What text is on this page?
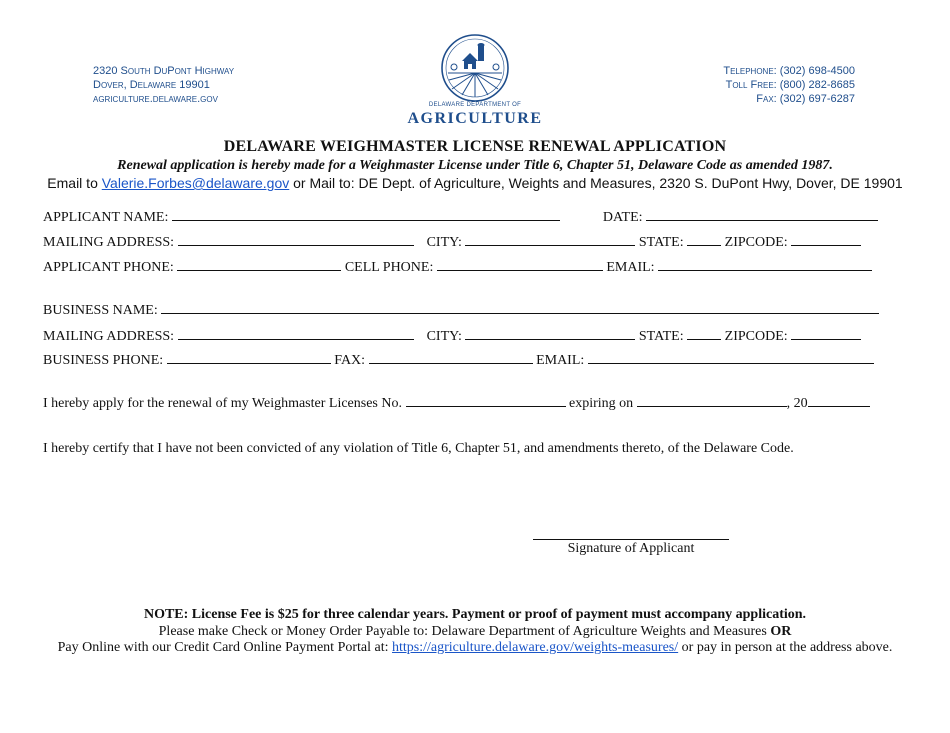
2320 South DuPont Highway
Dover, Delaware 19901
agriculture.delaware.gov	DELAWARE DEPARTMENT OF
AGRICULTURE
Telephone: (302) 698-4500
Toll Free: (800) 282-8685
Fax: (302) 697-6287
DELAWARE WEIGHMASTER LICENSE RENEWAL APPLICATION
Renewal application is hereby made for a Weighmaster License under Title 6, Chapter 51, Delaware Code as amended 1987.
Email to Valerie.Forbes@delaware.gov or Mail to: DE Dept. of Agriculture, Weights and Measures, 2320 S. DuPont Hwy, Dover, DE 19901
APPLICANT NAME:	DATE:
MAILING ADDRESS:	CITY:	STATE:	ZIPCODE:
APPLICANT PHONE:	CELL PHONE:	EMAIL:
BUSINESS NAME:
MAILING ADDRESS:	CITY:	STATE:	ZIPCODE:
BUSINESS PHONE:	FAX:	EMAIL:
I hereby apply for the renewal of my Weighmaster Licenses No.	expiring on	, 20
I hereby certify that I have not been convicted of any violation of Title 6, Chapter 51, and amendments thereto, of the Delaware Code.
Signature of Applicant
NOTE: License Fee is $25 for three calendar years. Payment or proof of payment must accompany application.
Please make Check or Money Order Payable to: Delaware Department of Agriculture Weights and Measures OR
Pay Online with our Credit Card Online Payment Portal at: https://agriculture.delaware.gov/weights-measures/ or pay in person at the address above.
